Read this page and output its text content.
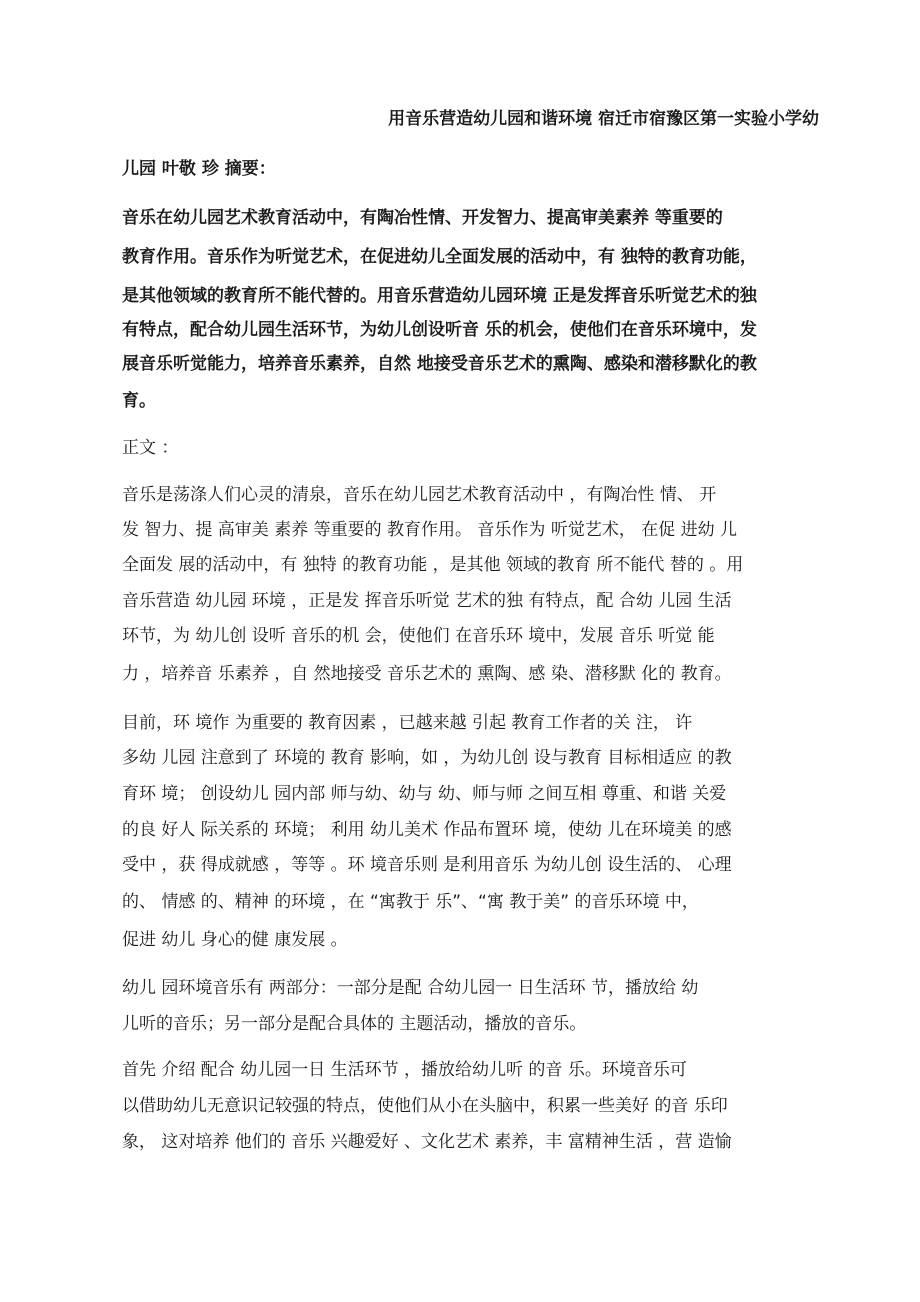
用音乐营造幼儿园和谐环境 宿迁市宿豫区第一实验小学幼
儿园 叶敬 珍 摘要：
音乐在幼儿园艺术教育活动中，有陶冶性情、开发智力、提高审美素养 等重要的
教育作用。音乐作为听觉艺术，在促进幼儿全面发展的活动中，有 独特的教育功能，
是其他领域的教育所不能代替的。用音乐营造幼儿园环境 正是发挥音乐听觉艺术的独
有特点，配合幼儿园生活环节，为幼儿创设听音 乐的机会，使他们在音乐环境中，发
展音乐听觉能力，培养音乐素养，自然 地接受音乐艺术的熏陶、感染和潜移默化的教
育。
正文 ：
音乐是荡涤人们心灵的清泉，音乐在幼儿园艺术教育活动中 ，有陶冶性 情、 开
发 智力、提 高审美 素养 等重要的 教育作用。 音乐作为 听觉艺术， 在促 进幼 儿
全面发 展的活动中，有 独特 的教育功能 ，是其他 领域的教育 所不能代 替的 。用
音乐营造 幼儿园 环境 ，正是发 挥音乐听觉 艺术的独 有特点，配 合幼 儿园 生活
环节，为 幼儿创 设听 音乐的机 会，使他们 在音乐环 境中，发展 音乐 听觉 能
力 ，培养音 乐素养 ，自 然地接受 音乐艺术的 熏陶、感 染、潜移默 化的 教育。
目前，环 境作 为重要的 教育因素 ，已越来越 引起 教育工作者的关 注， 许
多幼 儿园 注意到了 环境的 教育 影响，如 ，为幼儿创 设与教育 目标相适应 的教
育环 境； 创设幼儿 园内部 师与幼、幼与 幼、师与师 之间互相 尊重、和谐 关爱
的良 好人 际关系的 环境； 利用 幼儿美术 作品布置环 境，使幼 儿在环境美 的感
受中 ，获 得成就感 ，等等 。环 境音乐则 是利用音乐 为幼儿创 设生活的、 心理
的、 情感 的、精神 的环境 ，在 “寓教于 乐”、“寓 教于美” 的音乐环境 中，
促进 幼儿 身心的健 康发展 。
幼儿 园环境音乐有 两部分：一部分是配 合幼儿园一 日生活环 节，播放给 幼
儿听的音乐；另一部分是配合具体的 主题活动，播放的音乐。
首先 介绍 配合 幼儿园一日 生活环节 ，播放给幼儿听 的音 乐。环境音乐可
以借助幼儿无意识记较强的特点，使他们从小在头脑中，积累一些美好 的音 乐印
象， 这对培养 他们的 音乐 兴趣爱好 、文化艺术 素养，丰 富精神生活 ，营 造愉
